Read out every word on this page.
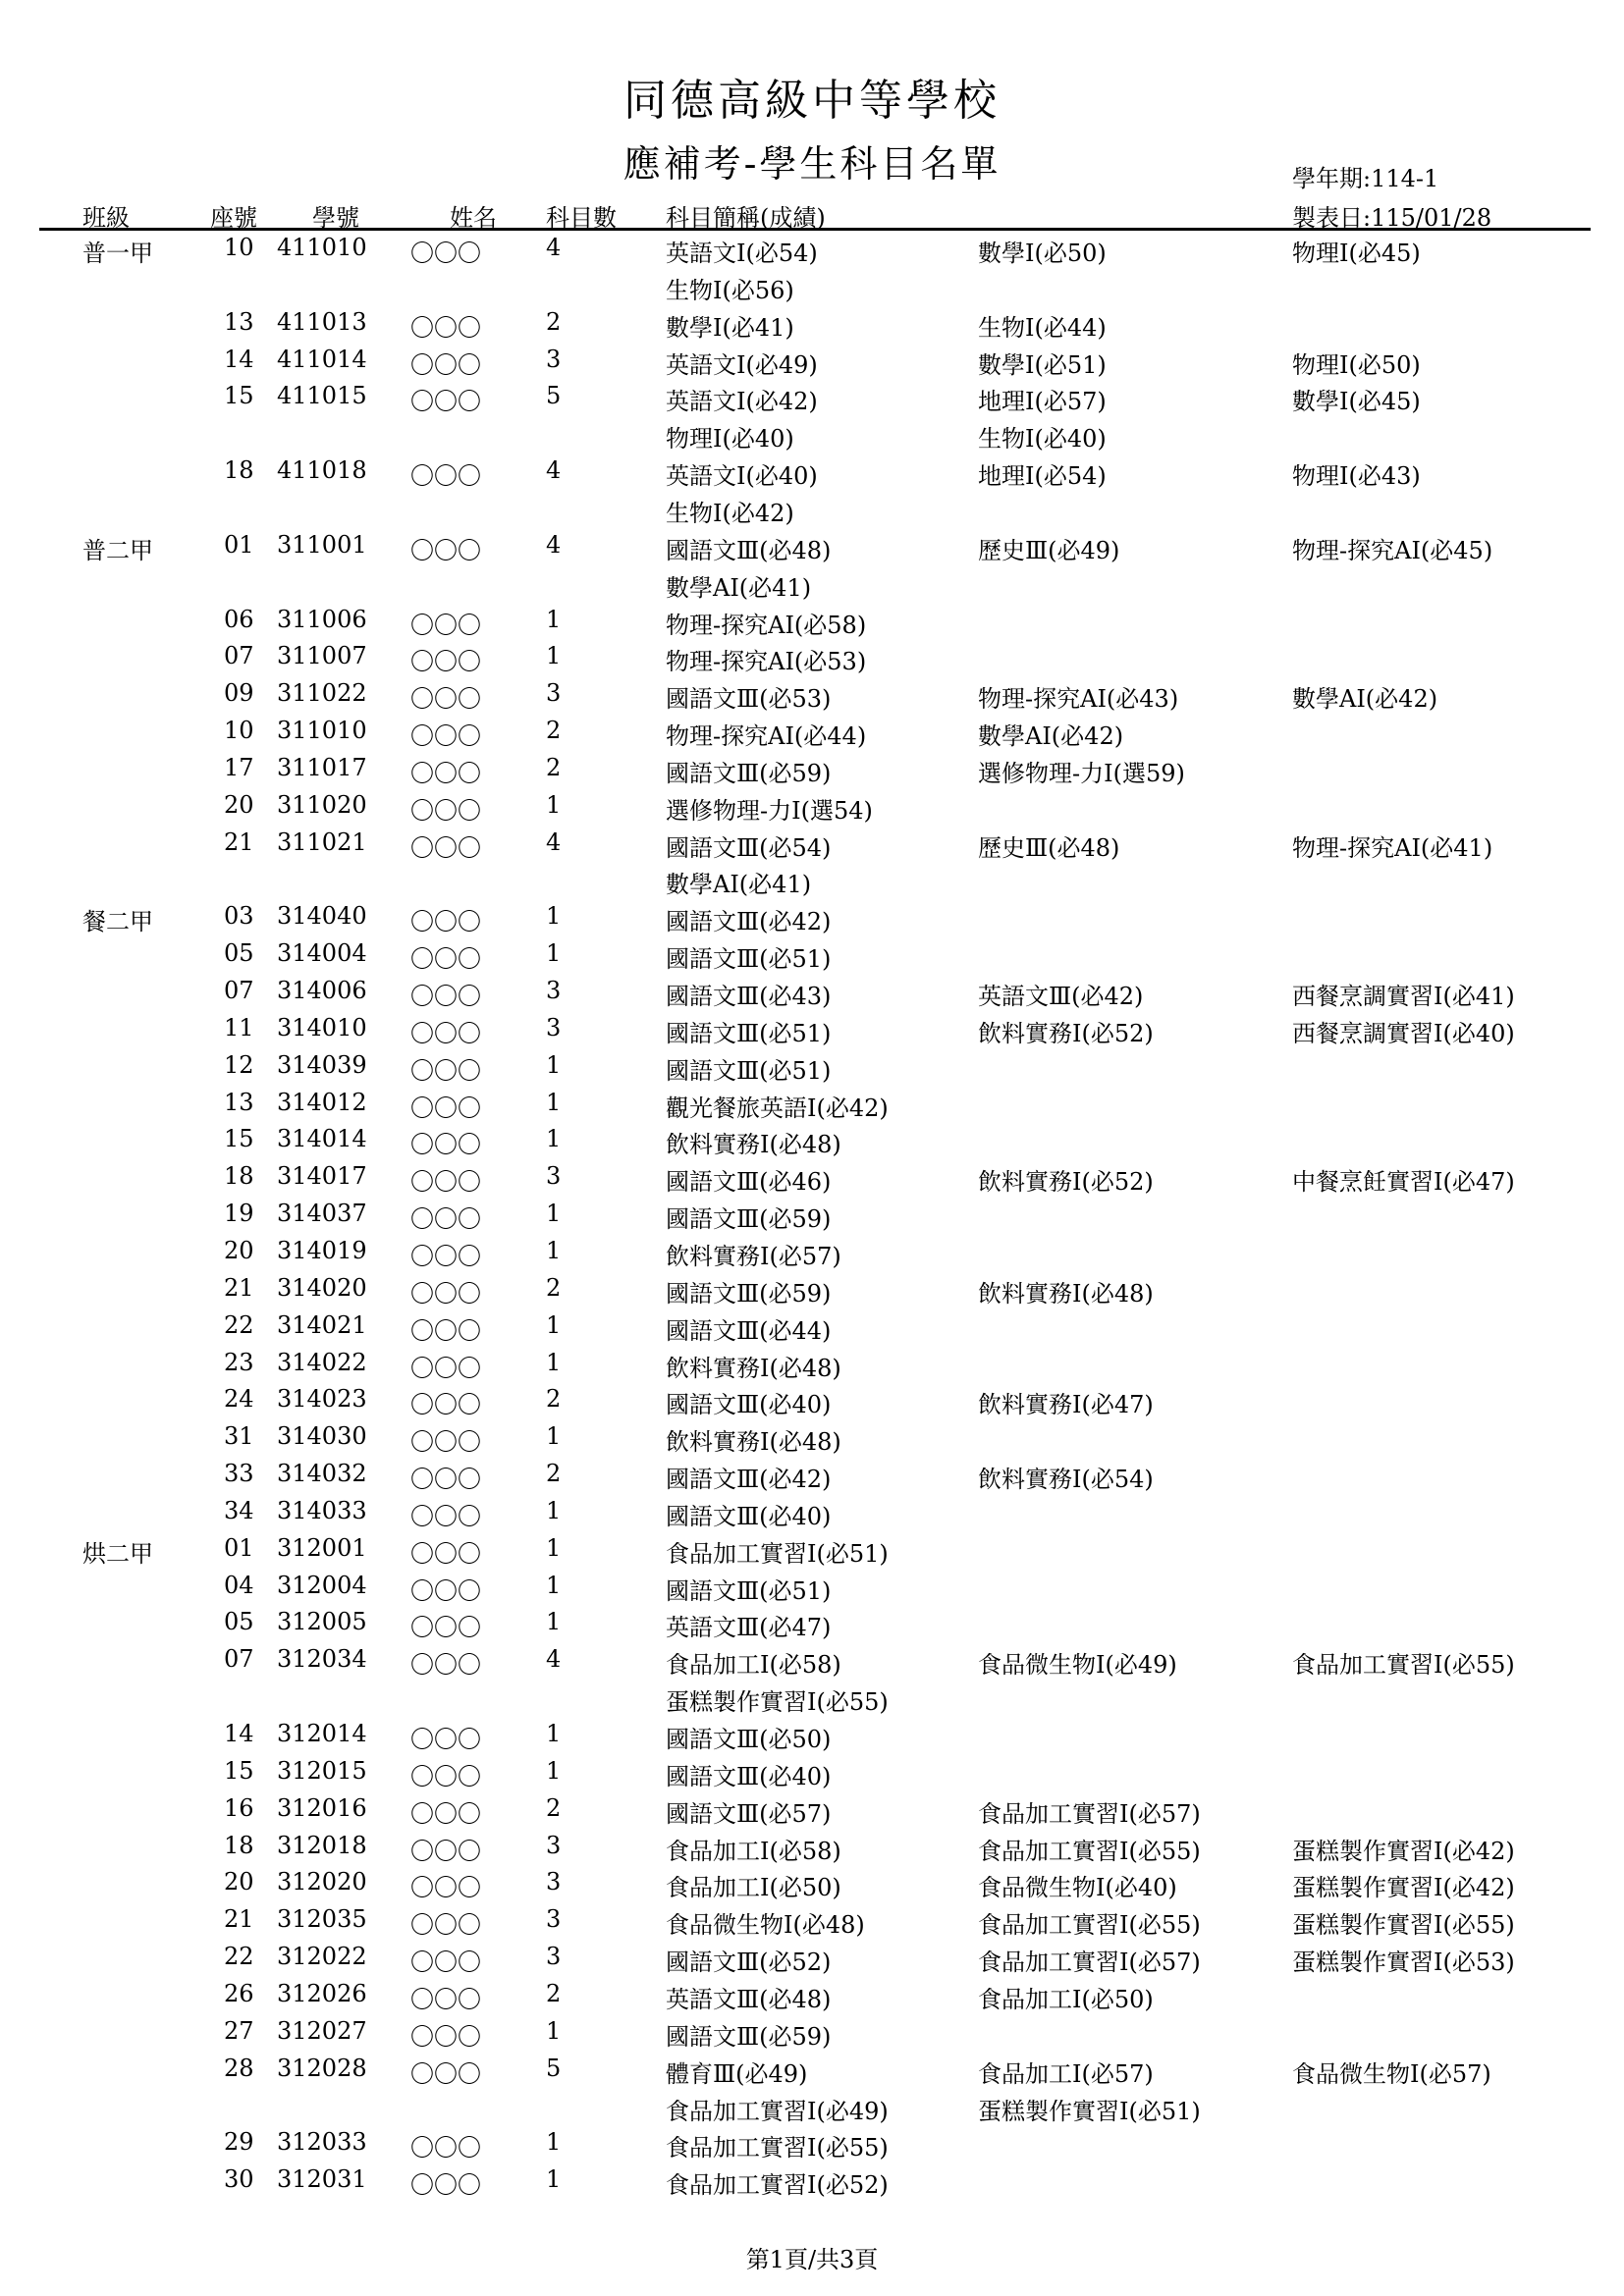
同德高級中等學校
應補考-學生科目名單	學年期:114-1
班級	座號 學號	姓名 科目數 科目簡稱(成績)	製表日:115/01/28
普一甲	10 411010 〇〇〇	4	英語文Ⅰ(必54)	數學Ⅰ(必50)	物理Ⅰ(必45)
生物Ⅰ(必56)
13 411013 〇〇〇	2	數學Ⅰ(必41)	生物Ⅰ(必44)
14 411014 〇〇〇	3	英語文Ⅰ(必49)	數學Ⅰ(必51)	物理Ⅰ(必50)
15 411015 〇〇〇	5	英語文Ⅰ(必42)	地理Ⅰ(必57)	數學Ⅰ(必45)
物理Ⅰ(必40)	生物Ⅰ(必40)
18 411018 〇〇〇	4	英語文Ⅰ(必40)	地理Ⅰ(必54)	物理Ⅰ(必43)
生物Ⅰ(必42)
普二甲	01 311001 〇〇〇	4	國語文Ⅲ(必48)	歷史Ⅲ(必49)	物理-探究AⅠ(必45)
數學AⅠ(必41)
06 311006 〇〇〇	1	物理-探究AⅠ(必58)
07 311007 〇〇〇	1	物理-探究AⅠ(必53)
09 311022 〇〇〇	3	國語文Ⅲ(必53)	物理-探究AⅠ(必43)	數學AⅠ(必42)
10 311010 〇〇〇	2	物理-探究AⅠ(必44)	數學AⅠ(必42)
17 311017 〇〇〇	2	國語文Ⅲ(必59)	選修物理-力Ⅰ(選59)
20 311020 〇〇〇	1	選修物理-力Ⅰ(選54)
21 311021 〇〇〇	4	國語文Ⅲ(必54)	歷史Ⅲ(必48)	物理-探究AⅠ(必41)
數學AⅠ(必41)
餐二甲	03 314040 〇〇〇	1	國語文Ⅲ(必42)
05 314004 〇〇〇	1	國語文Ⅲ(必51)
07 314006 〇〇〇	3	國語文Ⅲ(必43)	英語文Ⅲ(必42)	西餐烹調實習Ⅰ(必41)
11 314010 〇〇〇	3	國語文Ⅲ(必51)	飲料實務Ⅰ(必52)	西餐烹調實習Ⅰ(必40)
12 314039 〇〇〇	1	國語文Ⅲ(必51)
13 314012 〇〇〇	1	觀光餐旅英語Ⅰ(必42)
15 314014 〇〇〇	1	飲料實務Ⅰ(必48)
18 314017 〇〇〇	3	國語文Ⅲ(必46)	飲料實務Ⅰ(必52)	中餐烹飪實習Ⅰ(必47)
19 314037 〇〇〇	1	國語文Ⅲ(必59)
20 314019 〇〇〇	1	飲料實務Ⅰ(必57)
21 314020 〇〇〇	2	國語文Ⅲ(必59)	飲料實務Ⅰ(必48)
22 314021 〇〇〇	1	國語文Ⅲ(必44)
23 314022 〇〇〇	1	飲料實務Ⅰ(必48)
24 314023 〇〇〇	2	國語文Ⅲ(必40)	飲料實務Ⅰ(必47)
31 314030 〇〇〇	1	飲料實務Ⅰ(必48)
33 314032 〇〇〇	2	國語文Ⅲ(必42)	飲料實務Ⅰ(必54)
34 314033 〇〇〇	1	國語文Ⅲ(必40)
烘二甲	01 312001 〇〇〇	1	食品加工實習Ⅰ(必51)
04 312004 〇〇〇	1	國語文Ⅲ(必51)
05 312005 〇〇〇	1	英語文Ⅲ(必47)
07 312034 〇〇〇	4	食品加工Ⅰ(必58)	食品微生物Ⅰ(必49)	食品加工實習Ⅰ(必55)
蛋糕製作實習Ⅰ(必55)
14 312014 〇〇〇	1	國語文Ⅲ(必50)
15 312015 〇〇〇	1	國語文Ⅲ(必40)
16 312016 〇〇〇	2	國語文Ⅲ(必57)	食品加工實習Ⅰ(必57)
18 312018 〇〇〇	3	食品加工Ⅰ(必58)	食品加工實習Ⅰ(必55)	蛋糕製作實習Ⅰ(必42)
20 312020 〇〇〇	3	食品加工Ⅰ(必50)	食品微生物Ⅰ(必40)	蛋糕製作實習Ⅰ(必42)
21 312035 〇〇〇	3	食品微生物Ⅰ(必48)	食品加工實習Ⅰ(必55)	蛋糕製作實習Ⅰ(必55)
22 312022 〇〇〇	3	國語文Ⅲ(必52)	食品加工實習Ⅰ(必57)	蛋糕製作實習Ⅰ(必53)
26 312026 〇〇〇	2	英語文Ⅲ(必48)	食品加工Ⅰ(必50)
27 312027 〇〇〇	1	國語文Ⅲ(必59)
28 312028 〇〇〇	5	體育Ⅲ(必49)	食品加工Ⅰ(必57)	食品微生物Ⅰ(必57)
食品加工實習Ⅰ(必49)	蛋糕製作實習Ⅰ(必51)
29 312033 〇〇〇	1	食品加工實習Ⅰ(必55)
30 312031 〇〇〇	1	食品加工實習Ⅰ(必52)
第1頁/共3頁
